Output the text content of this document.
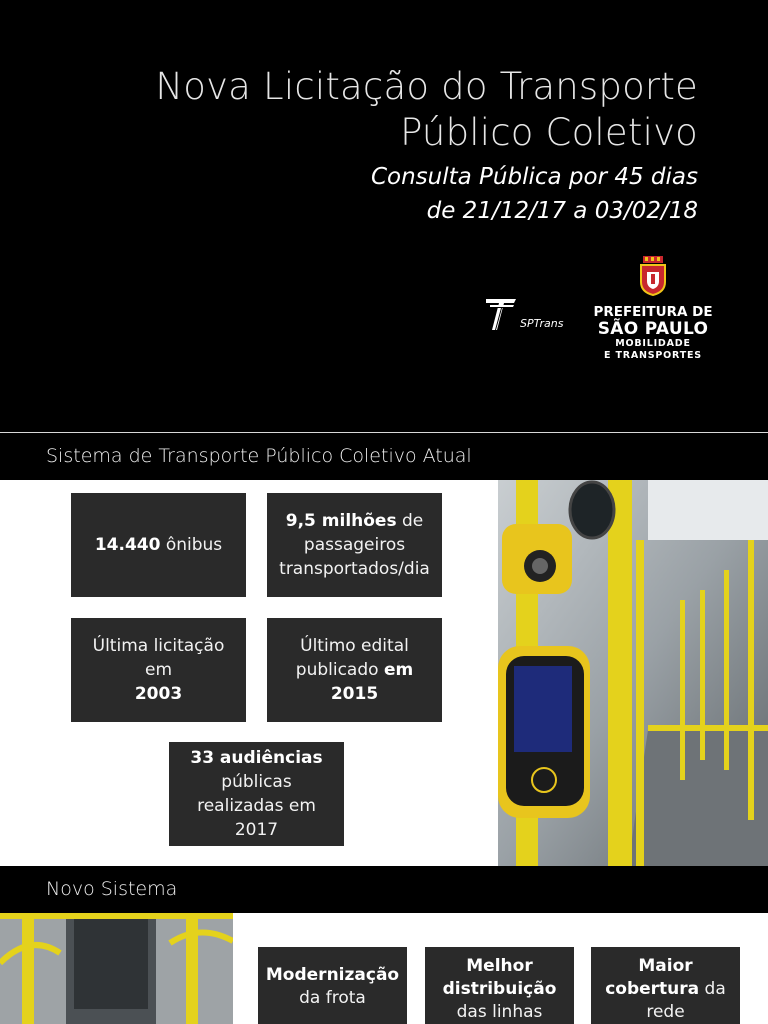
Nova Licitação do Transporte
Público Coletivo
Consulta Pública por 45 dias
de 21/12/17 a 03/02/18
SPTrans
PREFEITURA DE
SÃO PAULO
MOBILIDADE
E TRANSPORTES
Sistema de Transporte Público Coletivo Atual
14.440 ônibus
9,5 milhões de passageiros transportados/dia
Última licitação em
2003
Último edital publicado em
2015
33 audiências
públicas realizadas em 2017
Novo Sistema
Modernização
da frota
Melhor distribuição
das linhas
Maior cobertura da rede
